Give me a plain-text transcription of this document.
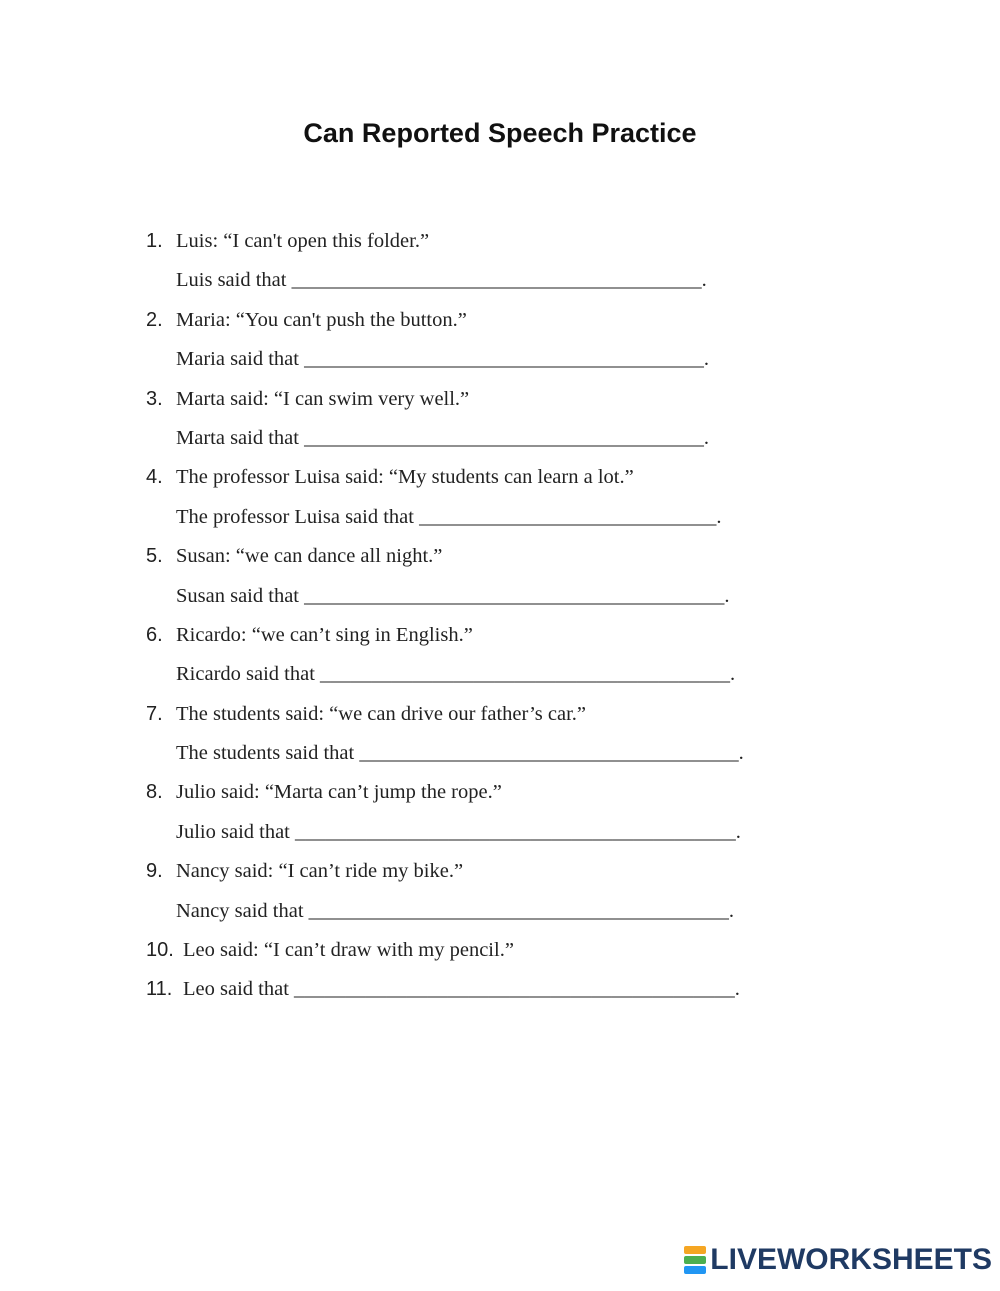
Can Reported Speech Practice
1. Luis: “I can't open this folder.”
Luis said that ________________________________________.
2. Maria: “You can't push the button.”
Maria said that _______________________________________.
3. Marta said: “I can swim very well.”
Marta said that _______________________________________.
4. The professor Luisa said: “My students can learn a lot.”
The professor Luisa said that _____________________________.
5. Susan: “we can dance all night.”
Susan said that _________________________________________.
6. Ricardo: “we can’t sing in English.”
Ricardo said that ________________________________________.
7. The students said: “we can drive our father’s car.”
The students said that _____________________________________.
8. Julio said: “Marta can’t jump the rope.”
Julio said that ___________________________________________.
9. Nancy said: “I can’t ride my bike.”
Nancy said that _________________________________________.
10. Leo said: “I can’t draw with my pencil.”
11. Leo said that ___________________________________________.
LIVEWORKSHEETS
